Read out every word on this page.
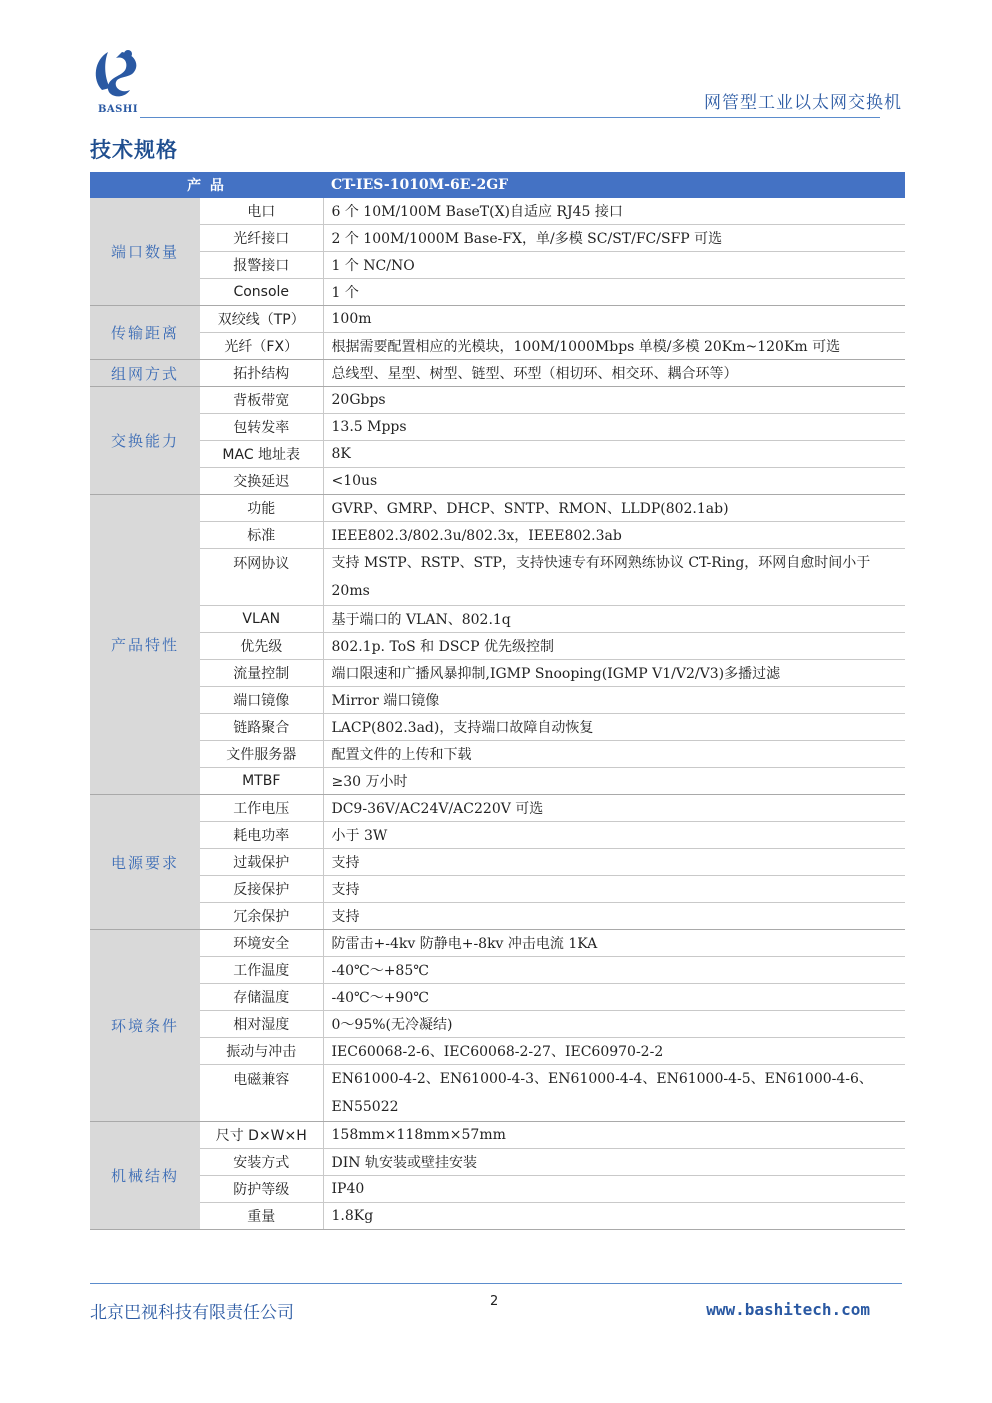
BASHI	网管型工业以太网交换机
技术规格
产 品		CT-IES-1010M-6E-2GF
端口数量	电口	6 个 10M/100M BaseT(X)自适应 RJ45 接口
	光纤接口	2 个 100M/1000M Base-FX，单/多模 SC/ST/FC/SFP 可选
	报警接口	1 个 NC/NO
	Console	1 个
传输距离	双绞线（TP）	100m
	光纤（FX）	根据需要配置相应的光模块，100M/1000Mbps 单模/多模 20Km~120Km 可选
组网方式	拓扑结构	总线型、星型、树型、链型、环型（相切环、相交环、耦合环等）
交换能力	背板带宽	20Gbps
	包转发率	13.5 Mpps
	MAC 地址表	8K
	交换延迟	<10us
产品特性	功能	GVRP、GMRP、DHCP、SNTP、RMON、LLDP(802.1ab)
	标准	IEEE802.3/802.3u/802.3x，IEEE802.3ab
	环网协议	支持 MSTP、RSTP、STP，支持快速专有环网熟练协议 CT-Ring，环网自愈时间小于 20ms
	VLAN	基于端口的 VLAN、802.1q
	优先级	802.1p. ToS 和 DSCP 优先级控制
	流量控制	端口限速和广播风暴抑制,IGMP Snooping(IGMP V1/V2/V3)多播过滤
	端口镜像	Mirror 端口镜像
	链路聚合	LACP(802.3ad)，支持端口故障自动恢复
	文件服务器	配置文件的上传和下载
	MTBF	≥30 万小时
电源要求	工作电压	DC9-36V/AC24V/AC220V 可选
	耗电功率	小于 3W
	过载保护	支持
	反接保护	支持
	冗余保护	支持
环境条件	环境安全	防雷击+-4kv 防静电+-8kv 冲击电流 1KA
	工作温度	-40℃～+85℃
	存储温度	-40℃～+90℃
	相对湿度	0～95%(无冷凝结)
	振动与冲击	IEC60068-2-6、IEC60068-2-27、IEC60970-2-2
	电磁兼容	EN61000-4-2、EN61000-4-3、EN61000-4-4、EN61000-4-5、EN61000-4-6、EN55022
机械结构	尺寸 D×W×H	158mm×118mm×57mm
	安装方式	DIN 轨安装或壁挂安装
	防护等级	IP40
	重量	1.8Kg
北京巴视科技有限责任公司
2	www.bashitech.com
